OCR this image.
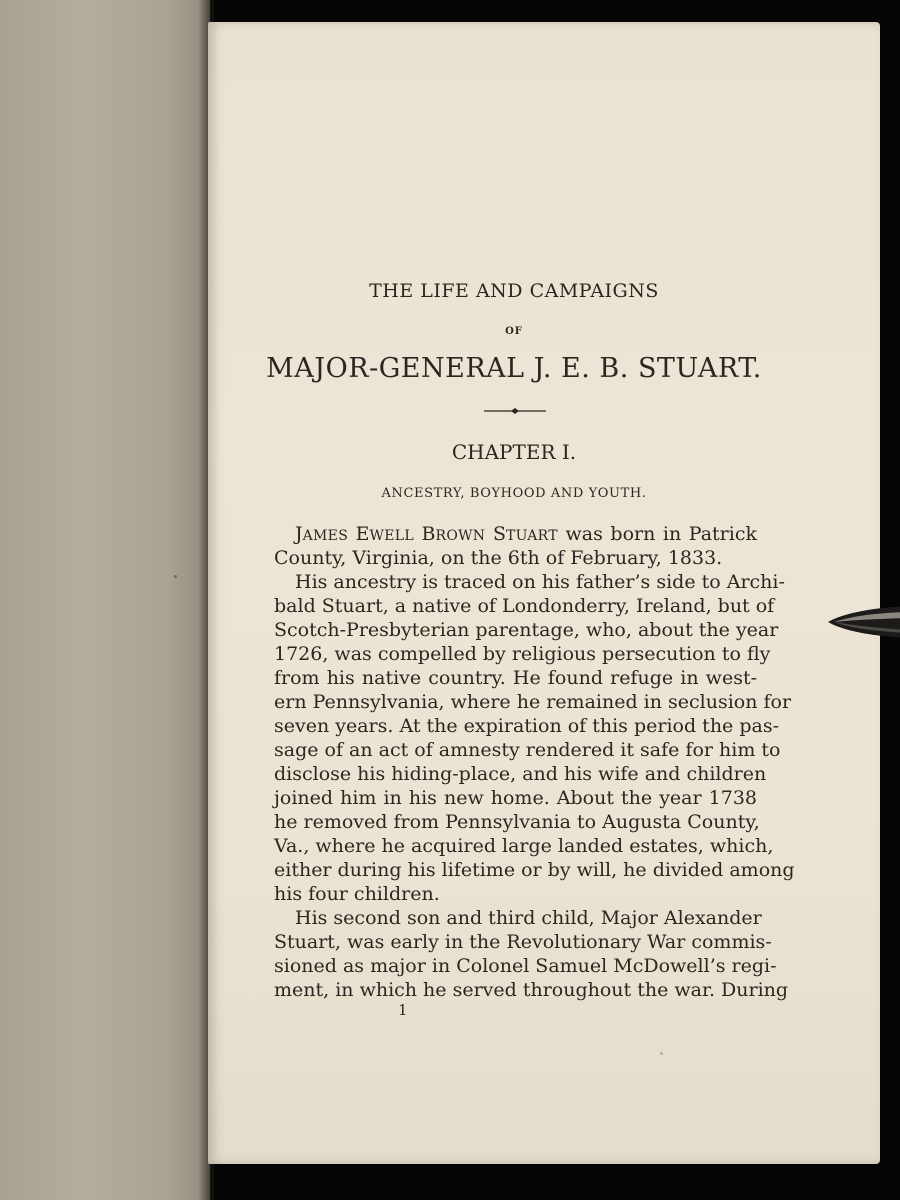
THE LIFE AND CAMPAIGNS
OF
MAJOR-GENERAL J. E. B. STUART.
CHAPTER I.
ANCESTRY, BOYHOOD AND YOUTH.
JAMES EWELL BROWN STUART was born in Patrick
County, Virginia, on the 6th of February, 1833.
His ancestry is traced on his father’s side to Archi-
bald Stuart, a native of Londonderry, Ireland, but of
Scotch-Presbyterian parentage, who, about the year
1726, was compelled by religious persecution to fly
from his native country. He found refuge in west-
ern Pennsylvania, where he remained in seclusion for
seven years. At the expiration of this period the pas-
sage of an act of amnesty rendered it safe for him to
disclose his hiding-place, and his wife and children
joined him in his new home. About the year 1738
he removed from Pennsylvania to Augusta County,
Va., where he acquired large landed estates, which,
either during his lifetime or by will, he divided among
his four children.
His second son and third child, Major Alexander
Stuart, was early in the Revolutionary War commis-
sioned as major in Colonel Samuel McDowell’s regi-
ment, in which he served throughout the war. During
1
